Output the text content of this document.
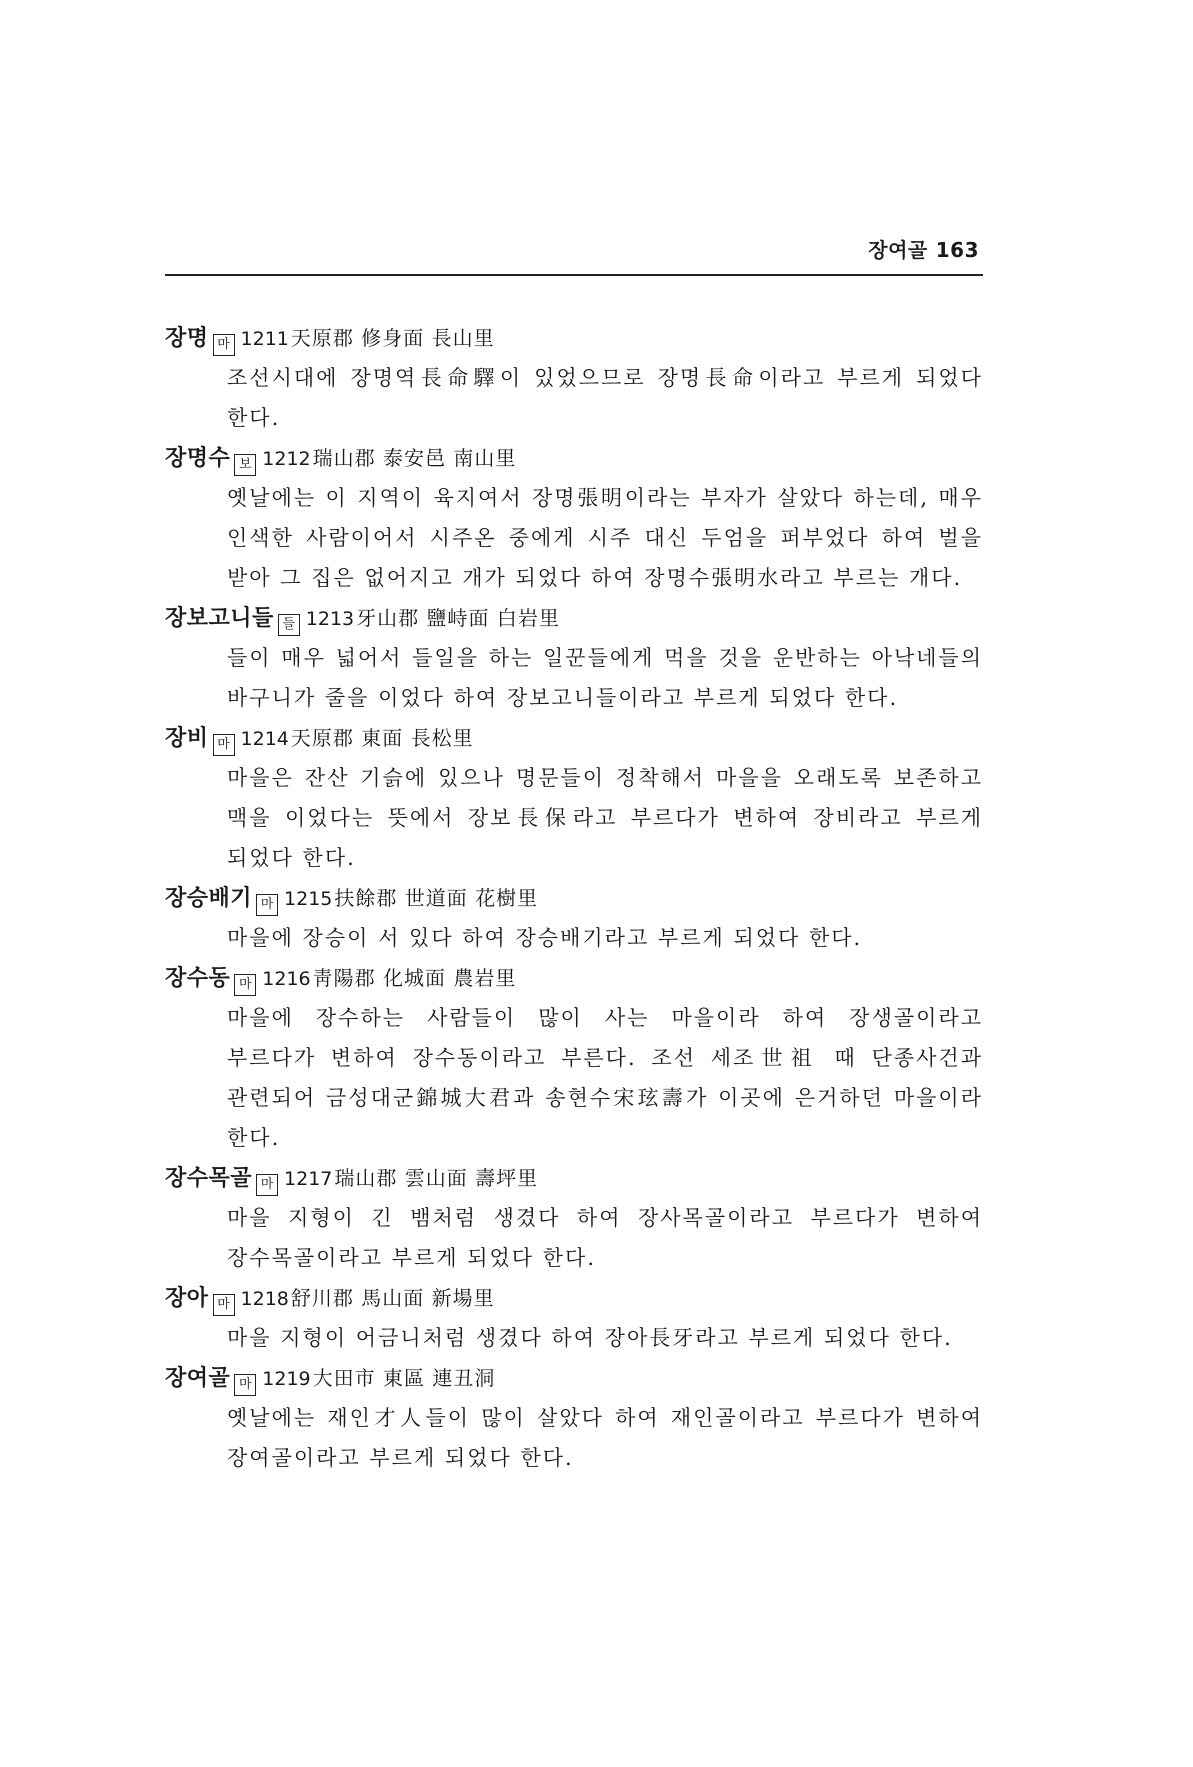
장여골 163
장명 마 1211 天原郡 修身面 長山里
조선시대에 장명역長命驛이 있었으므로 장명長命이라고 부르게 되었다 한다.
장명수 보 1212 瑞山郡 泰安邑 南山里
옛날에는 이 지역이 육지여서 장명張明이라는 부자가 살았다 하는데, 매우 인색한 사람이어서 시주온 중에게 시주 대신 두엄을 퍼부었다 하여 벌을 받아 그 집은 없어지고 개가 되었다 하여 장명수張明水라고 부르는 개다.
장보고니들 들 1213 牙山郡 鹽峙面 白岩里
들이 매우 넓어서 들일을 하는 일꾼들에게 먹을 것을 운반하는 아낙네들의 바구니가 줄을 이었다 하여 장보고니들이라고 부르게 되었다 한다.
장비 마 1214 天原郡 東面 長松里
마을은 잔산 기슭에 있으나 명문들이 정착해서 마을을 오래도록 보존하고 맥을 이었다는 뜻에서 장보長保라고 부르다가 변하여 장비라고 부르게 되었다 한다.
장승배기 마 1215 扶餘郡 世道面 花樹里
마을에 장승이 서 있다 하여 장승배기라고 부르게 되었다 한다.
장수동 마 1216 靑陽郡 化城面 農岩里
마을에 장수하는 사람들이 많이 사는 마을이라 하여 장생골이라고 부르다가 변하여 장수동이라고 부른다. 조선 세조世祖 때 단종사건과 관련되어 금성대군錦城大君과 송현수宋玹壽가 이곳에 은거하던 마을이라 한다.
장수목골 마 1217 瑞山郡 雲山面 壽坪里
마을 지형이 긴 뱀처럼 생겼다 하여 장사목골이라고 부르다가 변하여 장수목골이라고 부르게 되었다 한다.
장아 마 1218 舒川郡 馬山面 新場里
마을 지형이 어금니처럼 생겼다 하여 장아長牙라고 부르게 되었다 한다.
장여골 마 1219 大田市 東區 連丑洞
옛날에는 재인才人들이 많이 살았다 하여 재인골이라고 부르다가 변하여 장여골이라고 부르게 되었다 한다.
